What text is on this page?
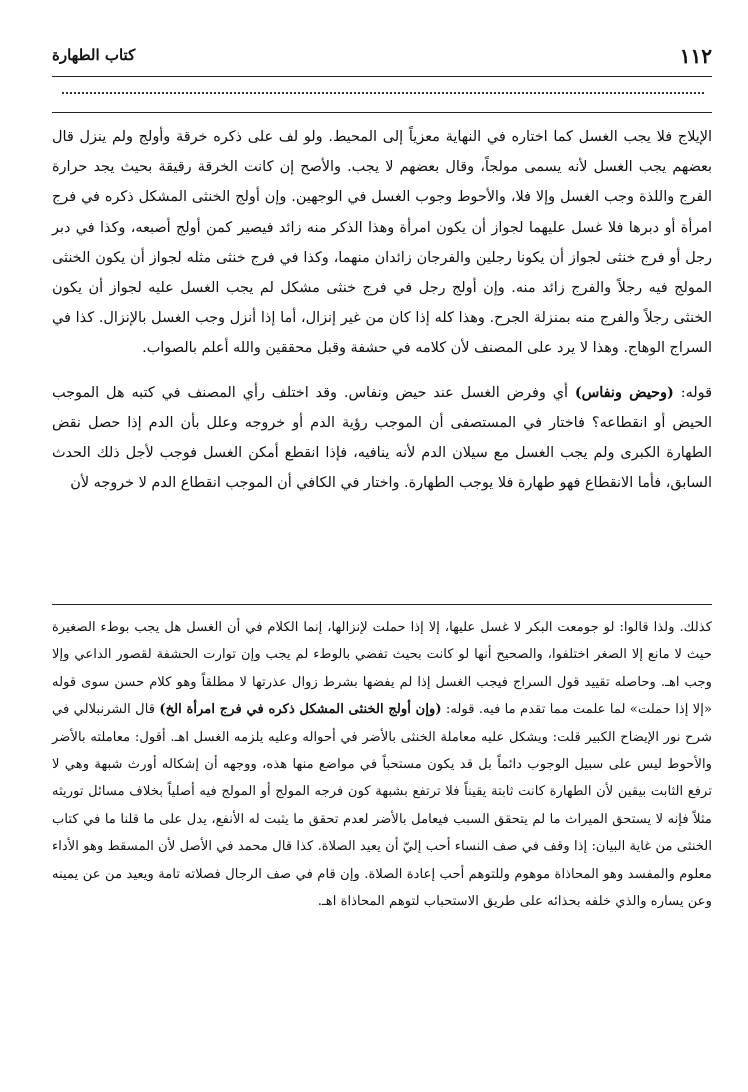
١١٢
كتاب الطهارة

الإيلاج فلا يجب الغسل كما اختاره في النهاية معزياً إلى المحيط. ولو لف على ذكره خرقة وأولج ولم ينزل قال بعضهم يجب الغسل لأنه يسمى مولجاً، وقال بعضهم لا يجب. والأصح إن كانت الخرقة رقيقة بحيث يجد حرارة الفرج واللذة وجب الغسل وإلا فلا، والأحوط وجوب الغسل في الوجهين. وإن أولج الخنثى المشكل ذكره في فرج امرأة أو دبرها فلا غسل عليهما لجواز أن يكون امرأة وهذا الذكر منه زائد فيصير كمن أولج أصبعه، وكذا في دبر رجل أو فرج خنثى لجواز أن يكونا رجلين والفرجان زائدان منهما، وكذا في فرج خنثى مثله لجواز أن يكون الخنثى المولج فيه رجلاً والفرج زائد منه. وإن أولج رجل في فرج خنثى مشكل لم يجب الغسل عليه لجواز أن يكون الخنثى رجلاً والفرج منه بمنزلة الجرح. وهذا كله إذا كان من غير إنزال، أما إذا أنزل وجب الغسل بالإنزال. كذا في السراج الوهاج. وهذا لا يرد على المصنف لأن كلامه في حشفة وقبل محققين والله أعلم بالصواب.

قوله: (وحيض ونفاس) أي وفرض الغسل عند حيض ونفاس. وقد اختلف رأي المصنف في كتبه هل الموجب الحيض أو انقطاعه؟ فاختار في المستصفى أن الموجب رؤية الدم أو خروجه وعلل بأن الدم إذا حصل نقض الطهارة الكبرى ولم يجب الغسل مع سيلان الدم لأنه ينافيه، فإذا انقطع أمكن الغسل فوجب لأجل ذلك الحدث السابق، فأما الانقطاع فهو طهارة فلا يوجب الطهارة. واختار في الكافي أن الموجب انقطاع الدم لا خروجه لأن

كذلك. ولذا قالوا: لو جومعت البكر لا غسل عليها، إلا إذا حملت لإنزالها، إنما الكلام في أن الغسل هل يجب بوطء الصغيرة حيث لا مانع إلا الصغر اختلفوا، والصحيح أنها لو كانت بحيث تفضي بالوطء لم يجب وإن توارت الحشفة لقصور الداعي وإلا وجب اهـ. وحاصله تقييد قول السراج فيجب الغسل إذا لم يفضها بشرط زوال عذرتها لا مطلقاً وهو كلام حسن سوى قوله «إلا إذا حملت» لما علمت مما تقدم ما فيه. قوله: (وإن أولج الخنثى المشكل ذكره في فرج امرأة الخ) قال الشرنبلالي في شرح نور الإيضاح الكبير قلت: ويشكل عليه معاملة الخنثى بالأضر في أحواله وعليه يلزمه الغسل اهـ. أقول: معاملته بالأضر والأحوط ليس على سبيل الوجوب دائماً بل قد يكون مستحباً في مواضع منها هذه، ووجهه أن إشكاله أورث شبهة وهي لا ترفع الثابت بيقين لأن الطهارة كانت ثابتة يقيناً فلا ترتفع بشبهة كون فرجه المولج أو المولج فيه أصلياً بخلاف مسائل توريثه مثلاً فإنه لا يستحق الميراث ما لم يتحقق السبب فيعامل بالأضر لعدم تحقق ما يثبت له الأنفع، يدل على ما قلنا ما في كتاب الخنثى من غاية البيان: إذا وقف في صف النساء أحب إليّ أن يعيد الصلاة. كذا قال محمد في الأصل لأن المسقط وهو الأداء معلوم والمفسد وهو المحاذاة موهوم وللتوهم أحب إعادة الصلاة. وإن قام في صف الرجال فصلاته تامة ويعيد من عن يمينه وعن يساره والذي خلفه بحذائه على طريق الاستحباب لتوهم المحاذاة اهـ.
